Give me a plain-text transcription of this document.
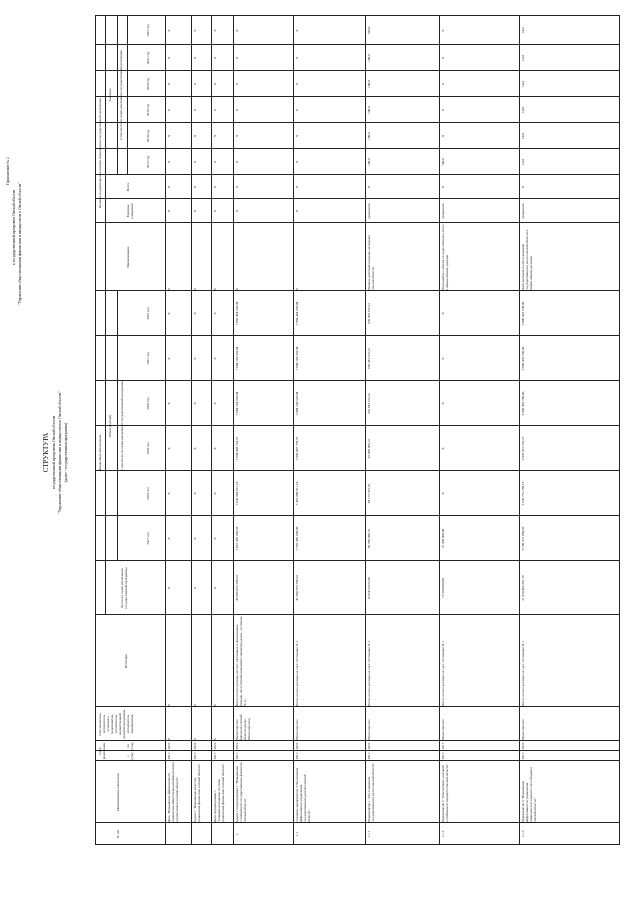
Приложение № 2
к государственной программе Омской области "Управление общественными финансами и имуществом в Омской области"
СТРУКТУРА государственной программы Омской области "Управление общественными финансами и имуществом в Омской области" (далее - государственная программа)
№ п/п
Наименование показателя
Срок реализации	с (год)
по (год)
Соисполнитель, исполнитель основного мероприятия, исполнитель ведомственной целевой программы, исполнитель мероприятия
Финансовое обеспечение
Источник
Объем (рублей)
Всего по годам реализации государственной программы
в том числе по годам реализации государственной программы
Целевые индикаторы реализации мероприятия государственной программы
Наименование
Единица измерения
Всего
Значение	в том числе по годам реализации государственной программы
2017 год
2017 год
2018 год
2018 год
2019 год
2019 год
2020 год
2020 год
2021 год
2021 год
2022 год
2022 год
Цель "Повышение эффективности управления общественными финансами и имуществом в Омской области"
2017
2022
X
X
X
X
X
X
X
X
X
X
X
X
X
X
X
X
X
X
Задача 1 "Повышение качества управления финансами Омской области"
2017
2022
X
X
X
X
X
X
X
X
X
X
X
X
X
X
X
X
X
X
Цели подпрограммы 1 "Совершенствование системы управления финансами Омской области"
2017
2022
X
X
X
X
X
X
X
X
X
X
X
X
X
X
X
X
X
X
1.
Задача 1 подпрограммы 1 "Повышение устойчивости государственных финансов Омской области"
2017
2022
Министерство финансов Омской области (далее - Министерство)
Всего, из них расходы за счет: налоговых и неналоговых доходов, поступлений нецелевого характера (далее - источник № 1)
45 866 853 786,53
7 057 382 058,58
X
7 632 999 871,18
X
7 634 908 753,37
X
7 684 194 533,04
X
7 684 194 533,04
X
7 682 494 533,04
X
X
X
X
1.1
Основное мероприятие "Обеспечение эффективного управления государственным долгом Омской области"
2017
2022
Министерство
Всего, из них расходы за счет: источника № 1
41 600 559 786,53
7 597 382 858,86
X
7 362 889 911,18
X
7 050 907 733,37
X
7 084 194 533,04
X
7 684 194 533,04
X
7 684 494 533,04
X
X
X
X
1.1.1
Мероприятие 1 "Обслуживание государственного долга Омской области"
2017
2022
Министерство
Всего, из них расходы за счет: источника № 1
616 816 627,00
96 709 496,31
100,0
98 175 552,31
100,0
97 966 495,21
100,0
105 933 315,21
100,0
109 333 315,21
100,0
109 333 315,21
100,0
Уровень долговой нагрузки на бюджет Омской области
процентов
X
1.1.2
Мероприятие 2 "Обеспечение долговой устойчивости бюджета Омской области"
2017
2017
Министерство
Всего, из них расходы за счет: источника № 1
72 200 000,00
72 200 000,00
100,0
X
X
X
X
X
X
X
X
X
X
Удельный вес объема государственного долга в общем объеме доходов
процентов
X
1.1.3
Мероприятие 3 "Повышение эффективности управления ликвидностью единого счета бюджета Омской области"
2017
2022
Министерство
Всего, из них расходы за счет: источника № 1
21 414 463 291,79
3 189 312 984,93
14,0
3 670 751 798,13
14,0
3 870 951 553,27
14,0
3 896 433 709,00
14,0
3 896 433 709,00
14,0
3 896 433 709,00
14,0
Доля расходов на обслуживание государственного долга Омской области в общем объеме расходов
процентов
X
